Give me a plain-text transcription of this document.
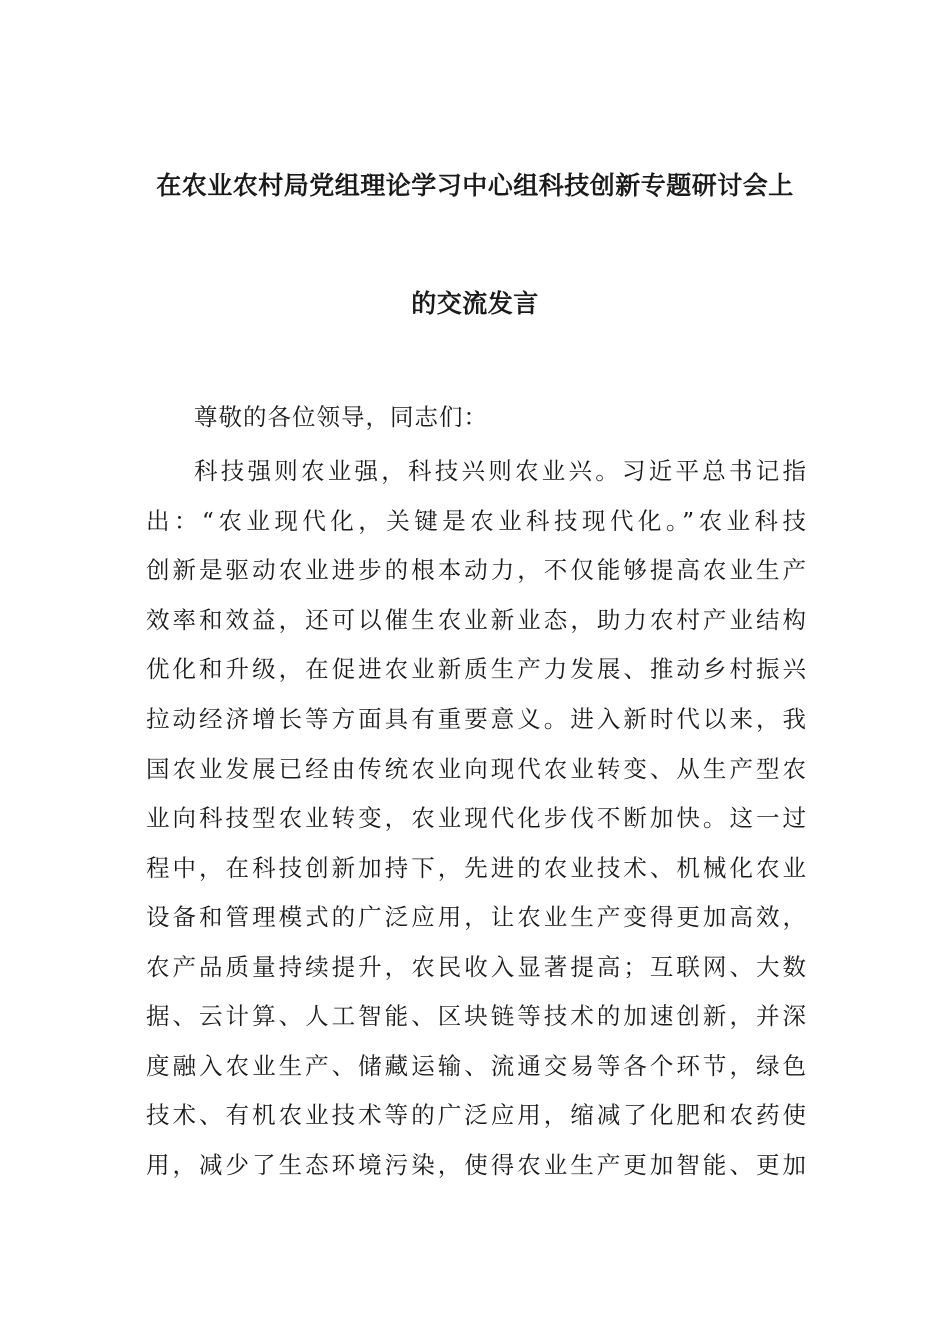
在农业农村局党组理论学习中心组科技创新专题研讨会上
的交流发言
尊敬的各位领导，同志们：
科技强则农业强，科技兴则农业兴。习近平总书记指
出：“农业现代化，关键是农业科技现代化。”农业科技
创新是驱动农业进步的根本动力，不仅能够提高农业生产
效率和效益，还可以催生农业新业态，助力农村产业结构
优化和升级，在促进农业新质生产力发展、推动乡村振兴
拉动经济增长等方面具有重要意义。进入新时代以来，我
国农业发展已经由传统农业向现代农业转变、从生产型农
业向科技型农业转变，农业现代化步伐不断加快。这一过
程中，在科技创新加持下，先进的农业技术、机械化农业
设备和管理模式的广泛应用，让农业生产变得更加高效，
农产品质量持续提升，农民收入显著提高；互联网、大数
据、云计算、人工智能、区块链等技术的加速创新，并深
度融入农业生产、储藏运输、流通交易等各个环节，绿色
技术、有机农业技术等的广泛应用，缩减了化肥和农药使
用，减少了生态环境污染，使得农业生产更加智能、更加
